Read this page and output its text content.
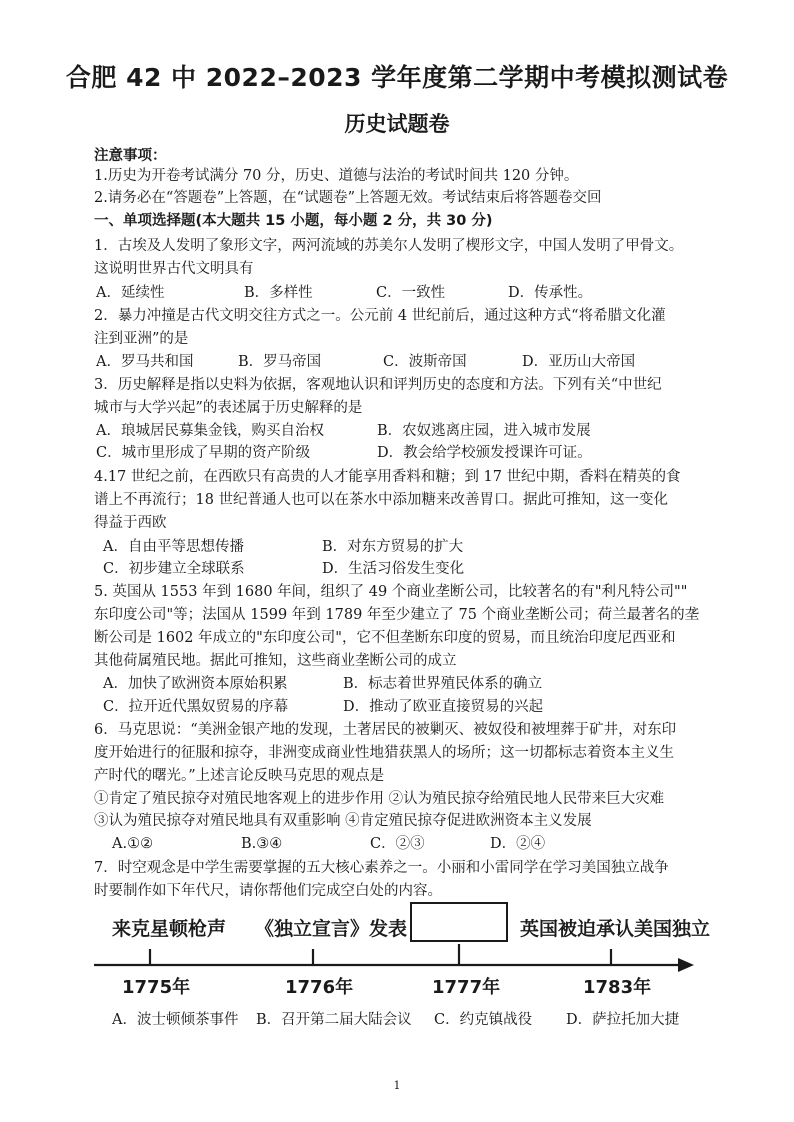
合肥 42 中 2022–2023 学年度第二学期中考模拟测试卷
历史试题卷
注意事项：
1.历史为开卷考试满分 70 分，历史、道德与法治的考试时间共 120 分钟。
2.请务必在“答题卷”上答题，在“试题卷”上答题无效。考试结束后将答题卷交回
一、单项选择题(本大题共 15 小题，每小题 2 分，共 30 分)
1．古埃及人发明了象形文字，两河流域的苏美尔人发明了楔形文字，中国人发明了甲骨文。
这说明世界古代文明具有
A．延续性	B．多样性	C．一致性	D．传承性。
2．暴力冲撞是古代文明交往方式之一。公元前 4 世纪前后，通过这种方式“将希腊文化灌
注到亚洲”的是
A．罗马共和国	B．罗马帝国	C．波斯帝国	D．亚历山大帝国
3．历史解释是指以史料为依据，客观地认识和评判历史的态度和方法。下列有关“中世纪
城市与大学兴起”的表述属于历史解释的是
A．琅城居民募集金钱，购买自治权	B．农奴逃离庄园，进入城市发展
C．城市里形成了早期的资产阶级	D．教会给学校颁发授课许可证。
4.17 世纪之前，在西欧只有高贵的人才能享用香料和糖；到 17 世纪中期，香料在精英的食
谱上不再流行；18 世纪普通人也可以在茶水中添加糖来改善胃口。据此可推知，这一变化
得益于西欧
A．自由平等思想传播	B．对东方贸易的扩大
C．初步建立全球联系	D．生活习俗发生变化
5. 英国从 1553 年到 1680 年间，组织了 49 个商业垄断公司，比较著名的有"利凡特公司""
东印度公司"等；法国从 1599 年到 1789 年至少建立了 75 个商业垄断公司；荷兰最著名的垄
断公司是 1602 年成立的"东印度公司"，它不但垄断东印度的贸易，而且统治印度尼西亚和
其他荷属殖民地。据此可推知，这些商业垄断公司的成立
A．加快了欧洲资本原始积累	B．标志着世界殖民体系的确立
C．拉开近代黑奴贸易的序幕	D．推动了欧亚直接贸易的兴起
6．马克思说：“美洲金银产地的发现，土著居民的被剿灭、被奴役和被埋葬于矿井，对东印
度开始进行的征服和掠夺，非洲变成商业性地猎获黑人的场所；这一切都标志着资本主义生
产时代的曙光。”上述言论反映马克思的观点是
①肯定了殖民掠夺对殖民地客观上的进步作用 ②认为殖民掠夺给殖民地人民带来巨大灾难
③认为殖民掠夺对殖民地具有双重影响 ④肯定殖民掠夺促进欧洲资本主义发展
A.①②	B.③④	C．②③	D．②④
7．时空观念是中学生需要掌握的五大核心素养之一。小丽和小雷同学在学习美国独立战争
时要制作如下年代尺，请你帮他们完成空白处的内容。
来克星顿枪声 《独立宣言》发表	英国被迫承认美国独立
1775年	1776年	1777年	1783年
A．波士顿倾茶事件 B．召开第二届大陆会议 C．约克镇战役 D．萨拉托加大捷
1
